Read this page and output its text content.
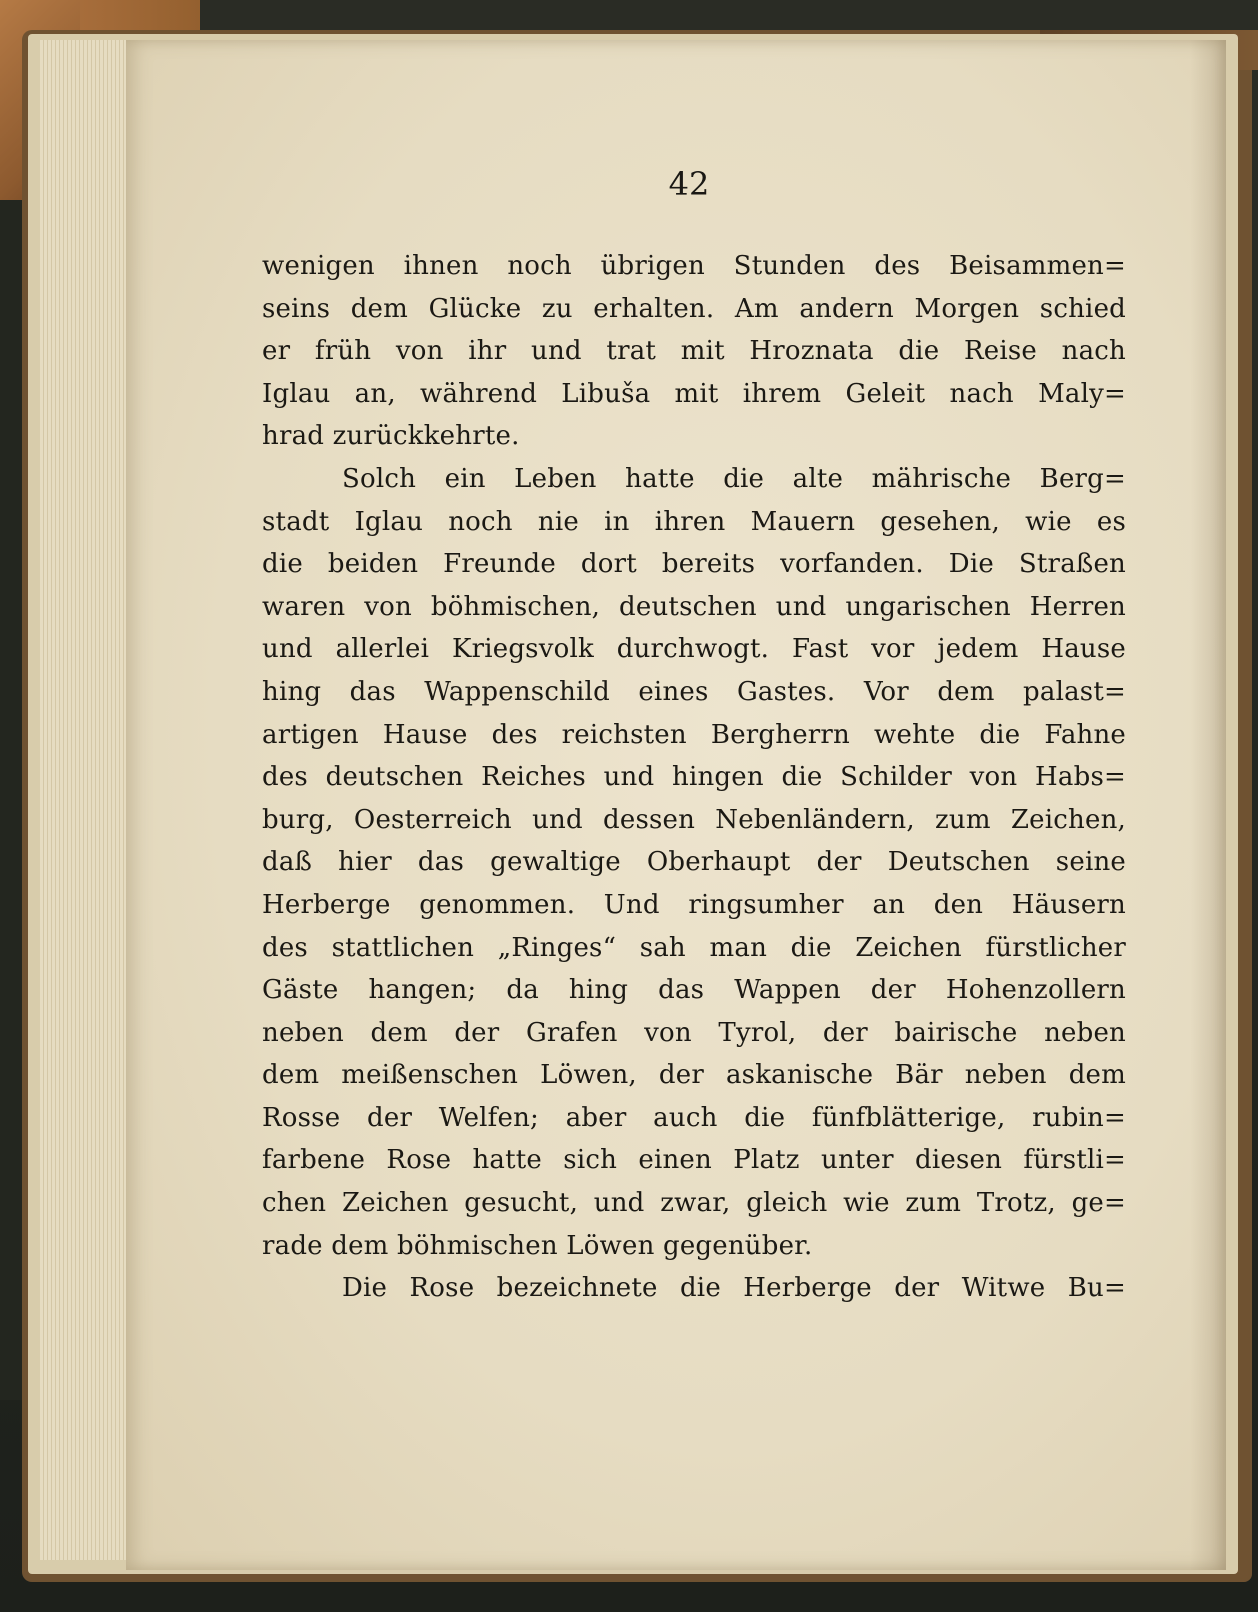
42
wenigen ihnen noch übrigen Stunden des Beisammen=
seins dem Glücke zu erhalten. Am andern Morgen schied
er früh von ihr und trat mit Hroznata die Reise nach
Iglau an, während Libuša mit ihrem Geleit nach Maly=
hrad zurückkehrte.
Solch ein Leben hatte die alte mährische Berg=
stadt Iglau noch nie in ihren Mauern gesehen, wie es
die beiden Freunde dort bereits vorfanden. Die Straßen
waren von böhmischen, deutschen und ungarischen Herren
und allerlei Kriegsvolk durchwogt. Fast vor jedem Hause
hing das Wappenschild eines Gastes. Vor dem palast=
artigen Hause des reichsten Bergherrn wehte die Fahne
des deutschen Reiches und hingen die Schilder von Habs=
burg, Oesterreich und dessen Nebenländern, zum Zeichen,
daß hier das gewaltige Oberhaupt der Deutschen seine
Herberge genommen. Und ringsumher an den Häusern
des stattlichen „Ringes“ sah man die Zeichen fürstlicher
Gäste hangen; da hing das Wappen der Hohenzollern
neben dem der Grafen von Tyrol, der bairische neben
dem meißenschen Löwen, der askanische Bär neben dem
Rosse der Welfen; aber auch die fünfblätterige, rubin=
farbene Rose hatte sich einen Platz unter diesen fürstli=
chen Zeichen gesucht, und zwar, gleich wie zum Trotz, ge=
rade dem böhmischen Löwen gegenüber.
Die Rose bezeichnete die Herberge der Witwe Bu=
